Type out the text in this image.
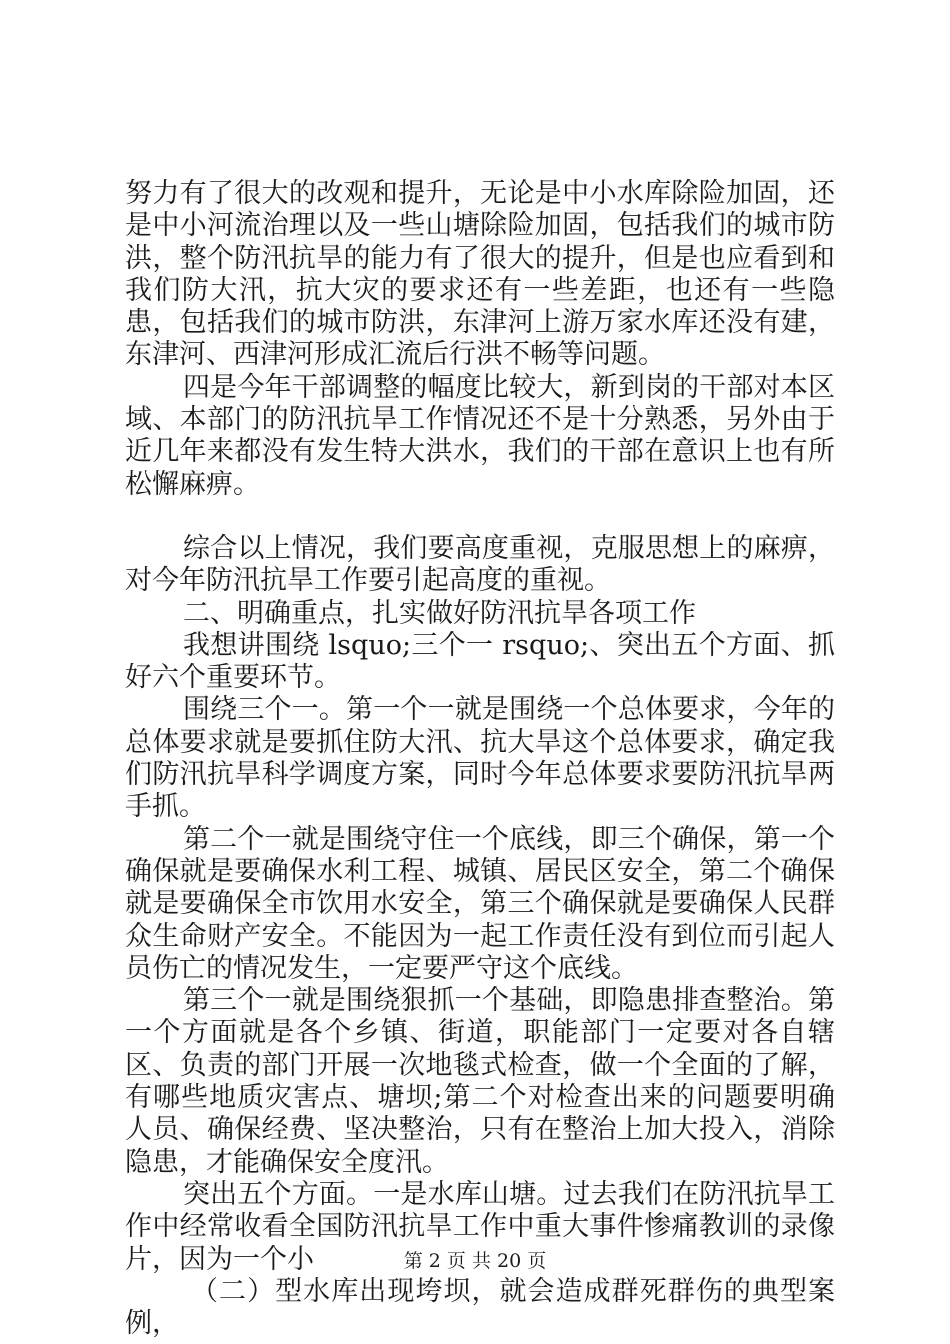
努力有了很大的改观和提升，无论是中小水库除险加固，还是中小河流治理以及一些山塘除险加固，包括我们的城市防洪，整个防汛抗旱的能力有了很大的提升，但是也应看到和我们防大汛，抗大灾的要求还有一些差距，也还有一些隐患，包括我们的城市防洪，东津河上游万家水库还没有建，东津河、西津河形成汇流后行洪不畅等问题。

四是今年干部调整的幅度比较大，新到岗的干部对本区域、本部门的防汛抗旱工作情况还不是十分熟悉，另外由于近几年来都没有发生特大洪水，我们的干部在意识上也有所松懈麻痹。

综合以上情况，我们要高度重视，克服思想上的麻痹，对今年防汛抗旱工作要引起高度的重视。

二、明确重点，扎实做好防汛抗旱各项工作

我想讲围绕 lsquo;三个一 rsquo;、突出五个方面、抓好六个重要环节。

围绕三个一。第一个一就是围绕一个总体要求，今年的总体要求就是要抓住防大汛、抗大旱这个总体要求，确定我们防汛抗旱科学调度方案，同时今年总体要求要防汛抗旱两手抓。

第二个一就是围绕守住一个底线，即三个确保，第一个确保就是要确保水利工程、城镇、居民区安全，第二个确保就是要确保全市饮用水安全，第三个确保就是要确保人民群众生命财产安全。不能因为一起工作责任没有到位而引起人员伤亡的情况发生，一定要严守这个底线。

第三个一就是围绕狠抓一个基础，即隐患排查整治。第一个方面就是各个乡镇、街道，职能部门一定要对各自辖区、负责的部门开展一次地毯式检查，做一个全面的了解，有哪些地质灾害点、塘坝;第二个对检查出来的问题要明确人员、确保经费、坚决整治，只有在整治上加大投入，消除隐患，才能确保安全度汛。

突出五个方面。一是水库山塘。过去我们在防汛抗旱工作中经常收看全国防汛抗旱工作中重大事件惨痛教训的录像片，因为一个小

（二）型水库出现垮坝，就会造成群死群伤的典型案例，

第 2 页 共 20 页
